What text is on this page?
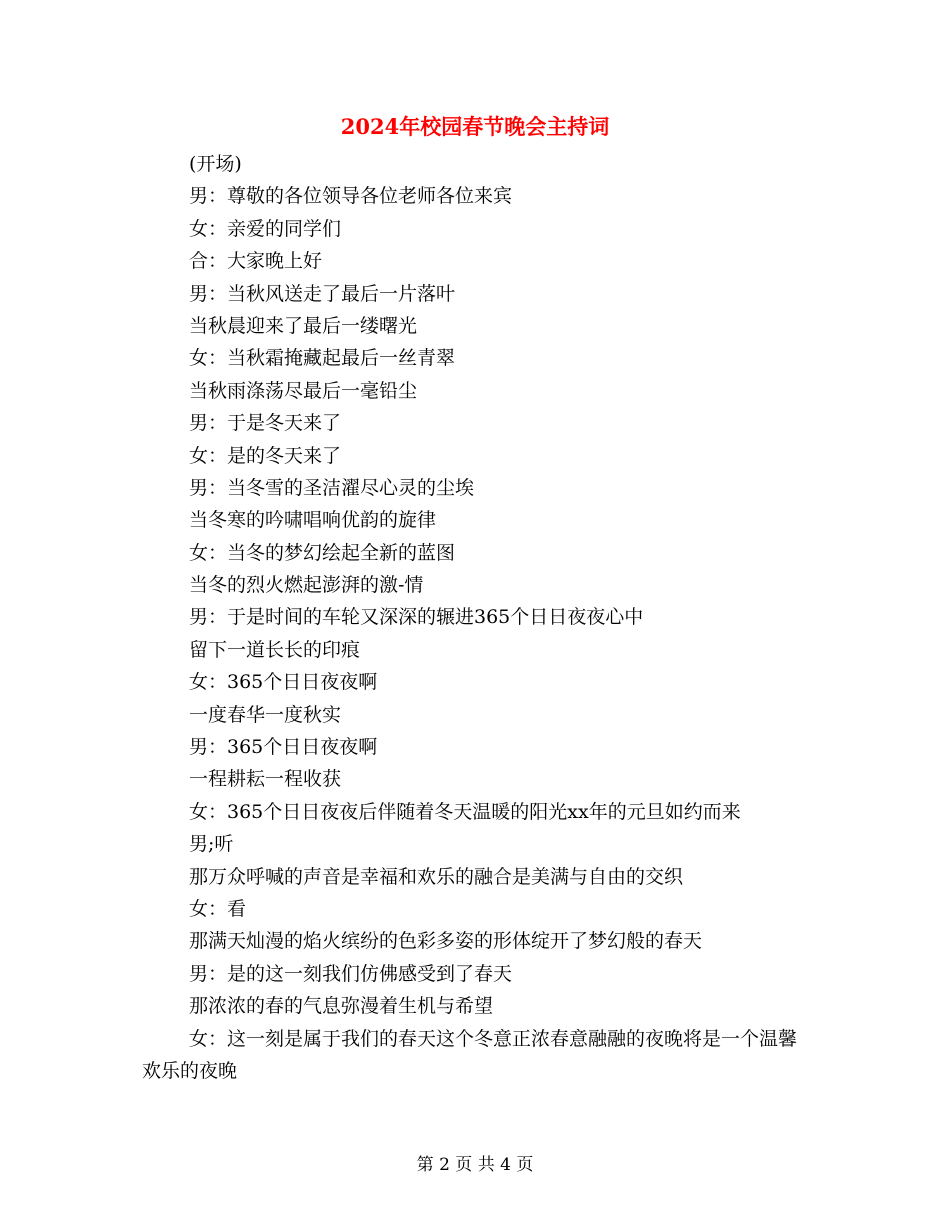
2024年校园春节晚会主持词
(开场)
男：尊敬的各位领导各位老师各位来宾
女：亲爱的同学们
合：大家晚上好
男：当秋风送走了最后一片落叶
当秋晨迎来了最后一缕曙光
女：当秋霜掩藏起最后一丝青翠
当秋雨涤荡尽最后一毫铅尘
男：于是冬天来了
女：是的冬天来了
男：当冬雪的圣洁濯尽心灵的尘埃
当冬寒的吟啸唱响优韵的旋律
女：当冬的梦幻绘起全新的蓝图
当冬的烈火燃起澎湃的激-情
男：于是时间的车轮又深深的辗进365个日日夜夜心中
留下一道长长的印痕
女：365个日日夜夜啊
一度春华一度秋实
男：365个日日夜夜啊
一程耕耘一程收获
女：365个日日夜夜后伴随着冬天温暖的阳光xx年的元旦如约而来
男;听
那万众呼喊的声音是幸福和欢乐的融合是美满与自由的交织
女：看
那满天灿漫的焰火缤纷的色彩多姿的形体绽开了梦幻般的春天
男：是的这一刻我们仿佛感受到了春天
那浓浓的春的气息弥漫着生机与希望
女：这一刻是属于我们的春天这个冬意正浓春意融融的夜晚将是一个温馨欢乐的夜晚
第 2 页 共 4 页
